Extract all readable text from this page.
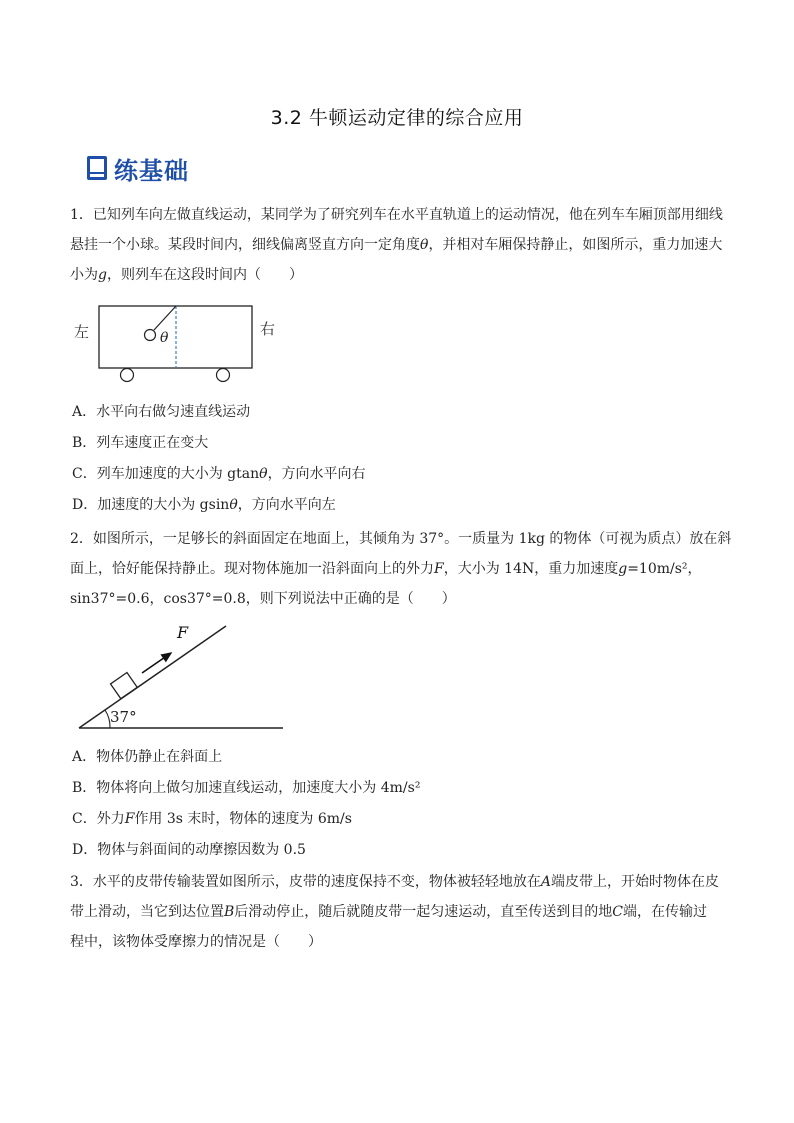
3.2 牛顿运动定律的综合应用
练基础
1．已知列车向左做直线运动，某同学为了研究列车在水平直轨道上的运动情况，他在列车车厢顶部用细线
悬挂一个小球。某段时间内，细线偏离竖直方向一定角度θ，并相对车厢保持静止，如图所示，重力加速大
小为g，则列车在这段时间内（　　）
左	右
θ
A．水平向右做匀速直线运动
B．列车速度正在变大
C．列车加速度的大小为 gtanθ，方向水平向右
D．加速度的大小为 gsinθ，方向水平向左
2．如图所示，一足够长的斜面固定在地面上，其倾角为 37°。一质量为 1kg 的物体（可视为质点）放在斜
面上，恰好能保持静止。现对物体施加一沿斜面向上的外力F，大小为 14N，重力加速度g=10m/s²，
sin37°=0.6，cos37°=0.8，则下列说法中正确的是（　　）
37°
F
A．物体仍静止在斜面上
B．物体将向上做匀加速直线运动，加速度大小为 4m/s²
C．外力F作用 3s 末时，物体的速度为 6m/s
D．物体与斜面间的动摩擦因数为 0.5
3．水平的皮带传输装置如图所示，皮带的速度保持不变，物体被轻轻地放在A端皮带上，开始时物体在皮
带上滑动，当它到达位置B后滑动停止，随后就随皮带一起匀速运动，直至传送到目的地C端，在传输过
程中，该物体受摩擦力的情况是（　　）
